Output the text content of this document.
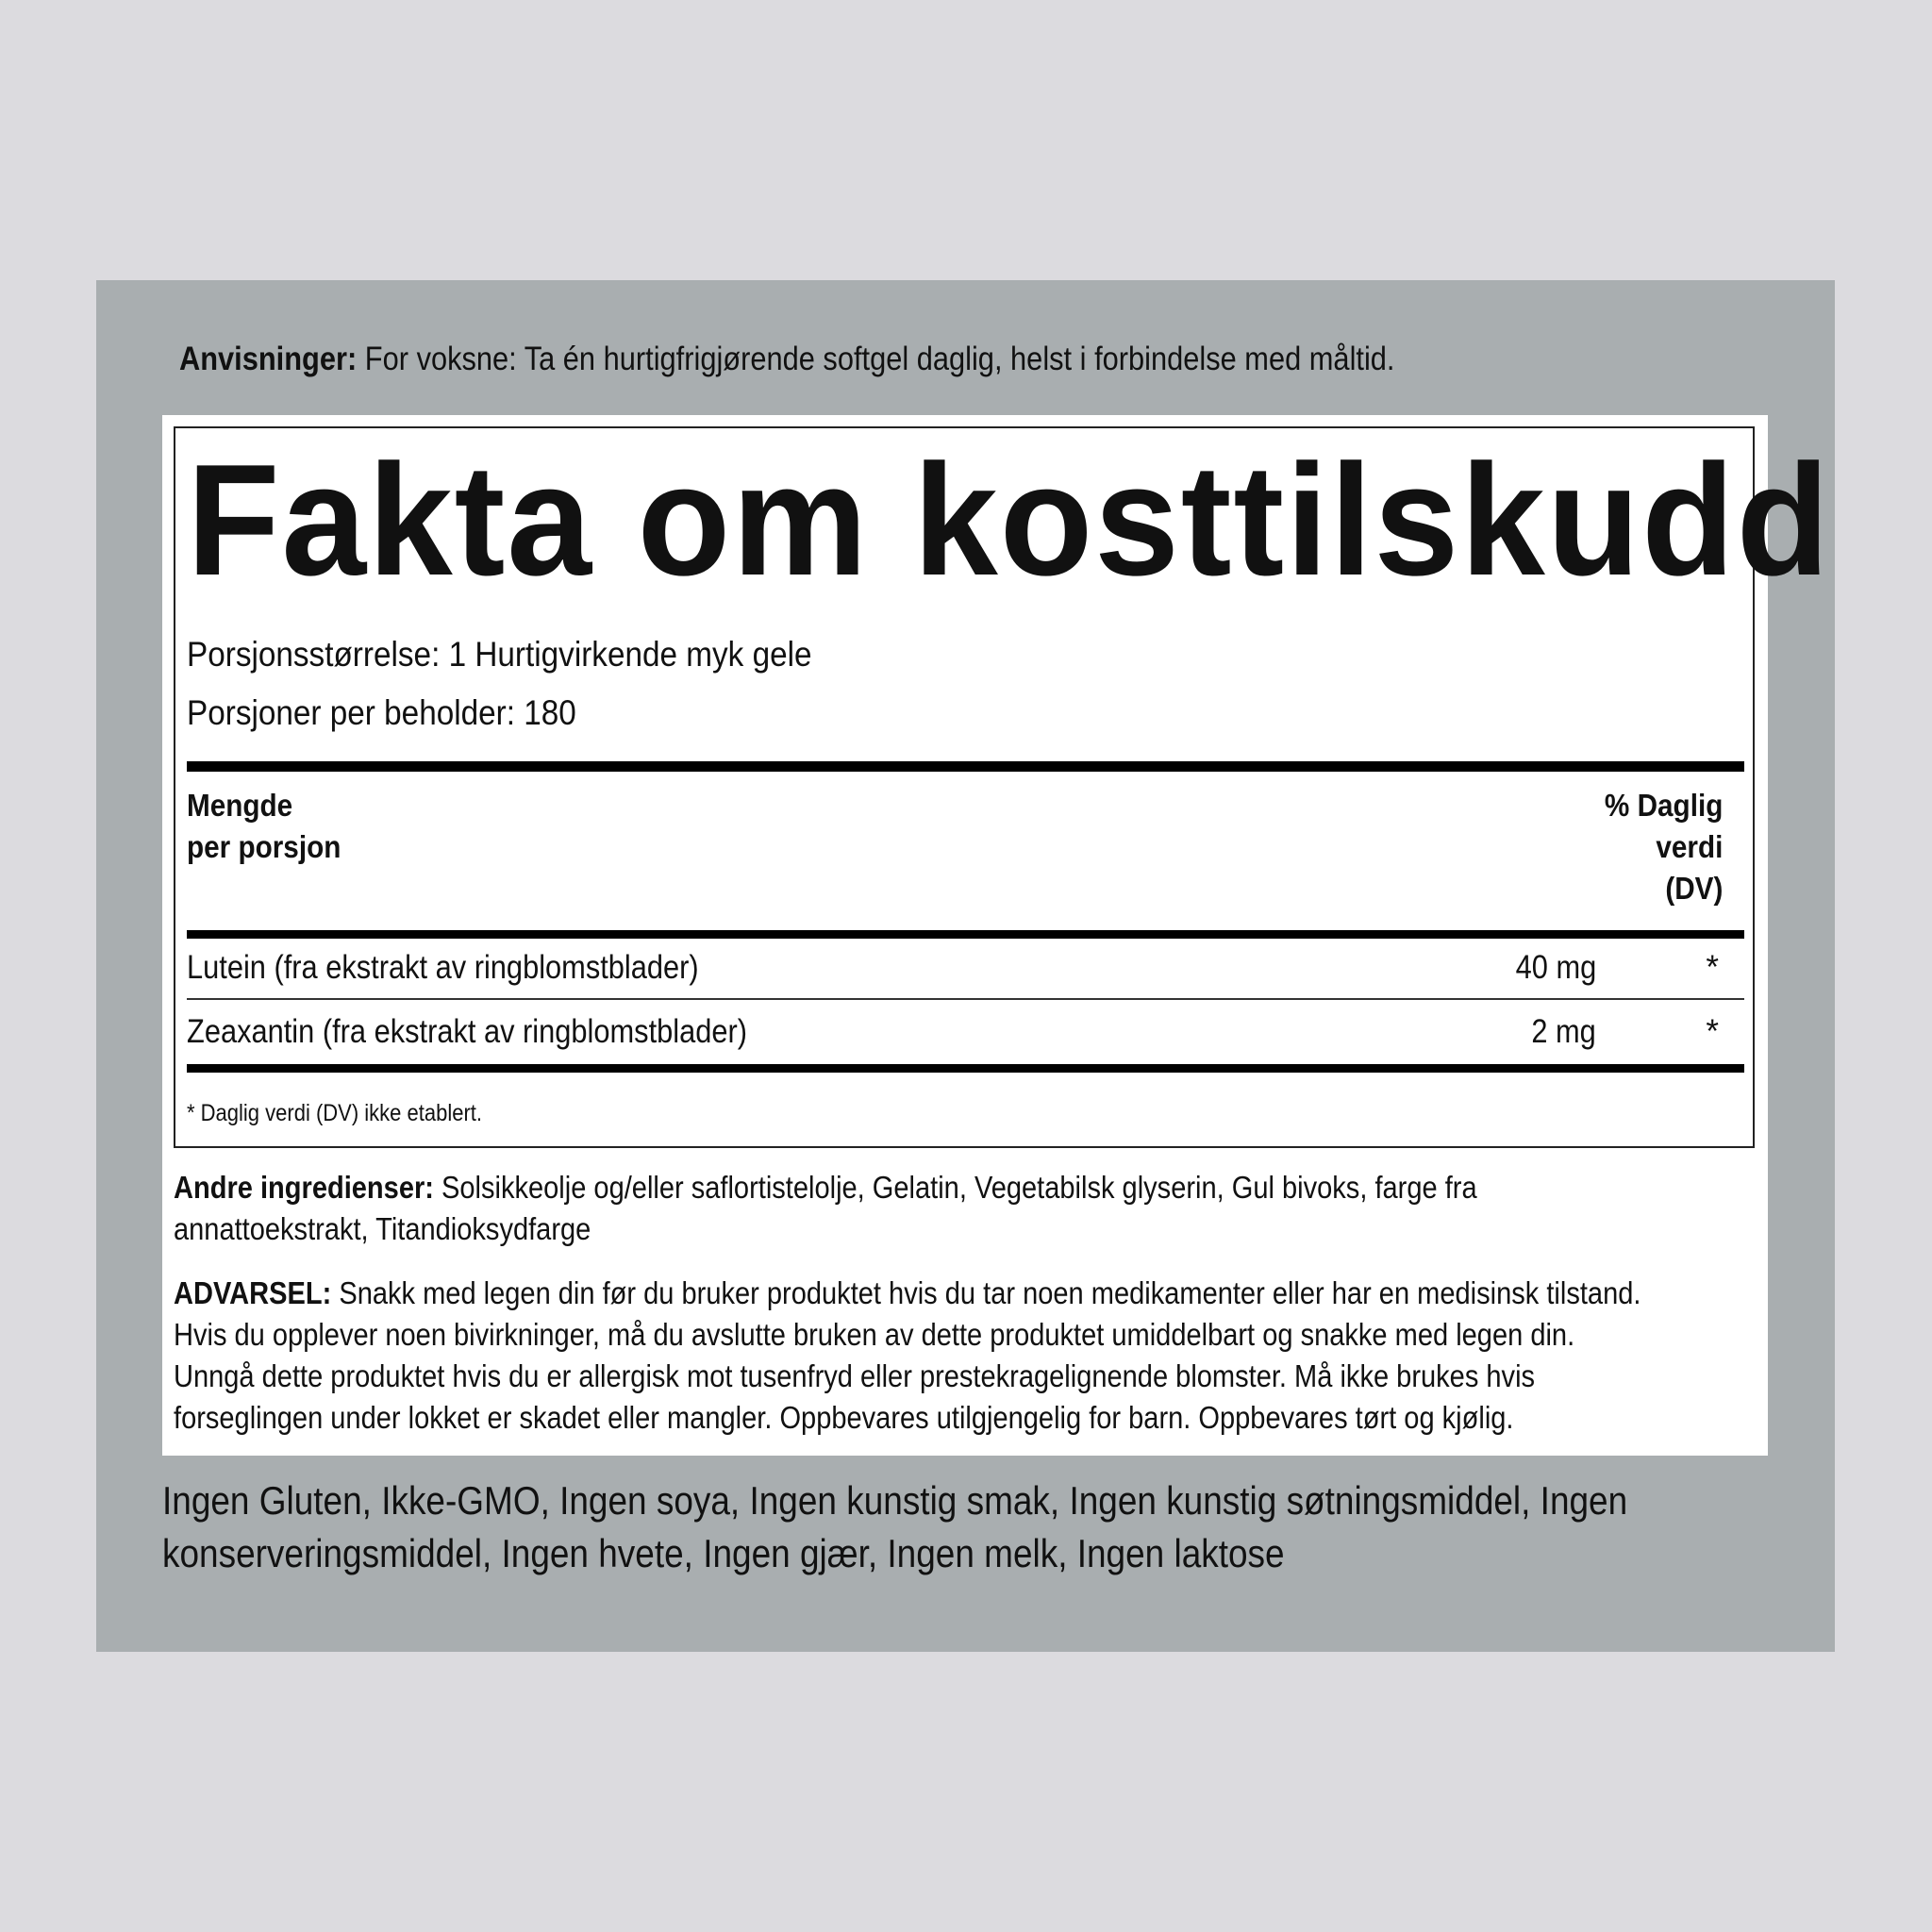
Anvisninger: For voksne: Ta én hurtigfrigjørende softgel daglig, helst i forbindelse med måltid.
Fakta om kosttilskudd
Porsjonsstørrelse: 1 Hurtigvirkende myk gele
Porsjoner per beholder: 180
Mengde
per porsjon
% Daglig
verdi
(DV)
Lutein (fra ekstrakt av ringblomstblader)	40 mg	*
Zeaxantin (fra ekstrakt av ringblomstblader)	2 mg	*
* Daglig verdi (DV) ikke etablert.
Andre ingredienser: Solsikkeolje og/eller saflortistelolje, Gelatin, Vegetabilsk glyserin, Gul bivoks, farge fra
annattoekstrakt, Titandioksydfarge
ADVARSEL: Snakk med legen din før du bruker produktet hvis du tar noen medikamenter eller har en medisinsk tilstand.
Hvis du opplever noen bivirkninger, må du avslutte bruken av dette produktet umiddelbart og snakke med legen din.
Unngå dette produktet hvis du er allergisk mot tusenfryd eller prestekragelignende blomster. Må ikke brukes hvis
forseglingen under lokket er skadet eller mangler. Oppbevares utilgjengelig for barn. Oppbevares tørt og kjølig.
Ingen Gluten, Ikke-GMO, Ingen soya, Ingen kunstig smak, Ingen kunstig søtningsmiddel, Ingen
konserveringsmiddel, Ingen hvete, Ingen gjær, Ingen melk, Ingen laktose
